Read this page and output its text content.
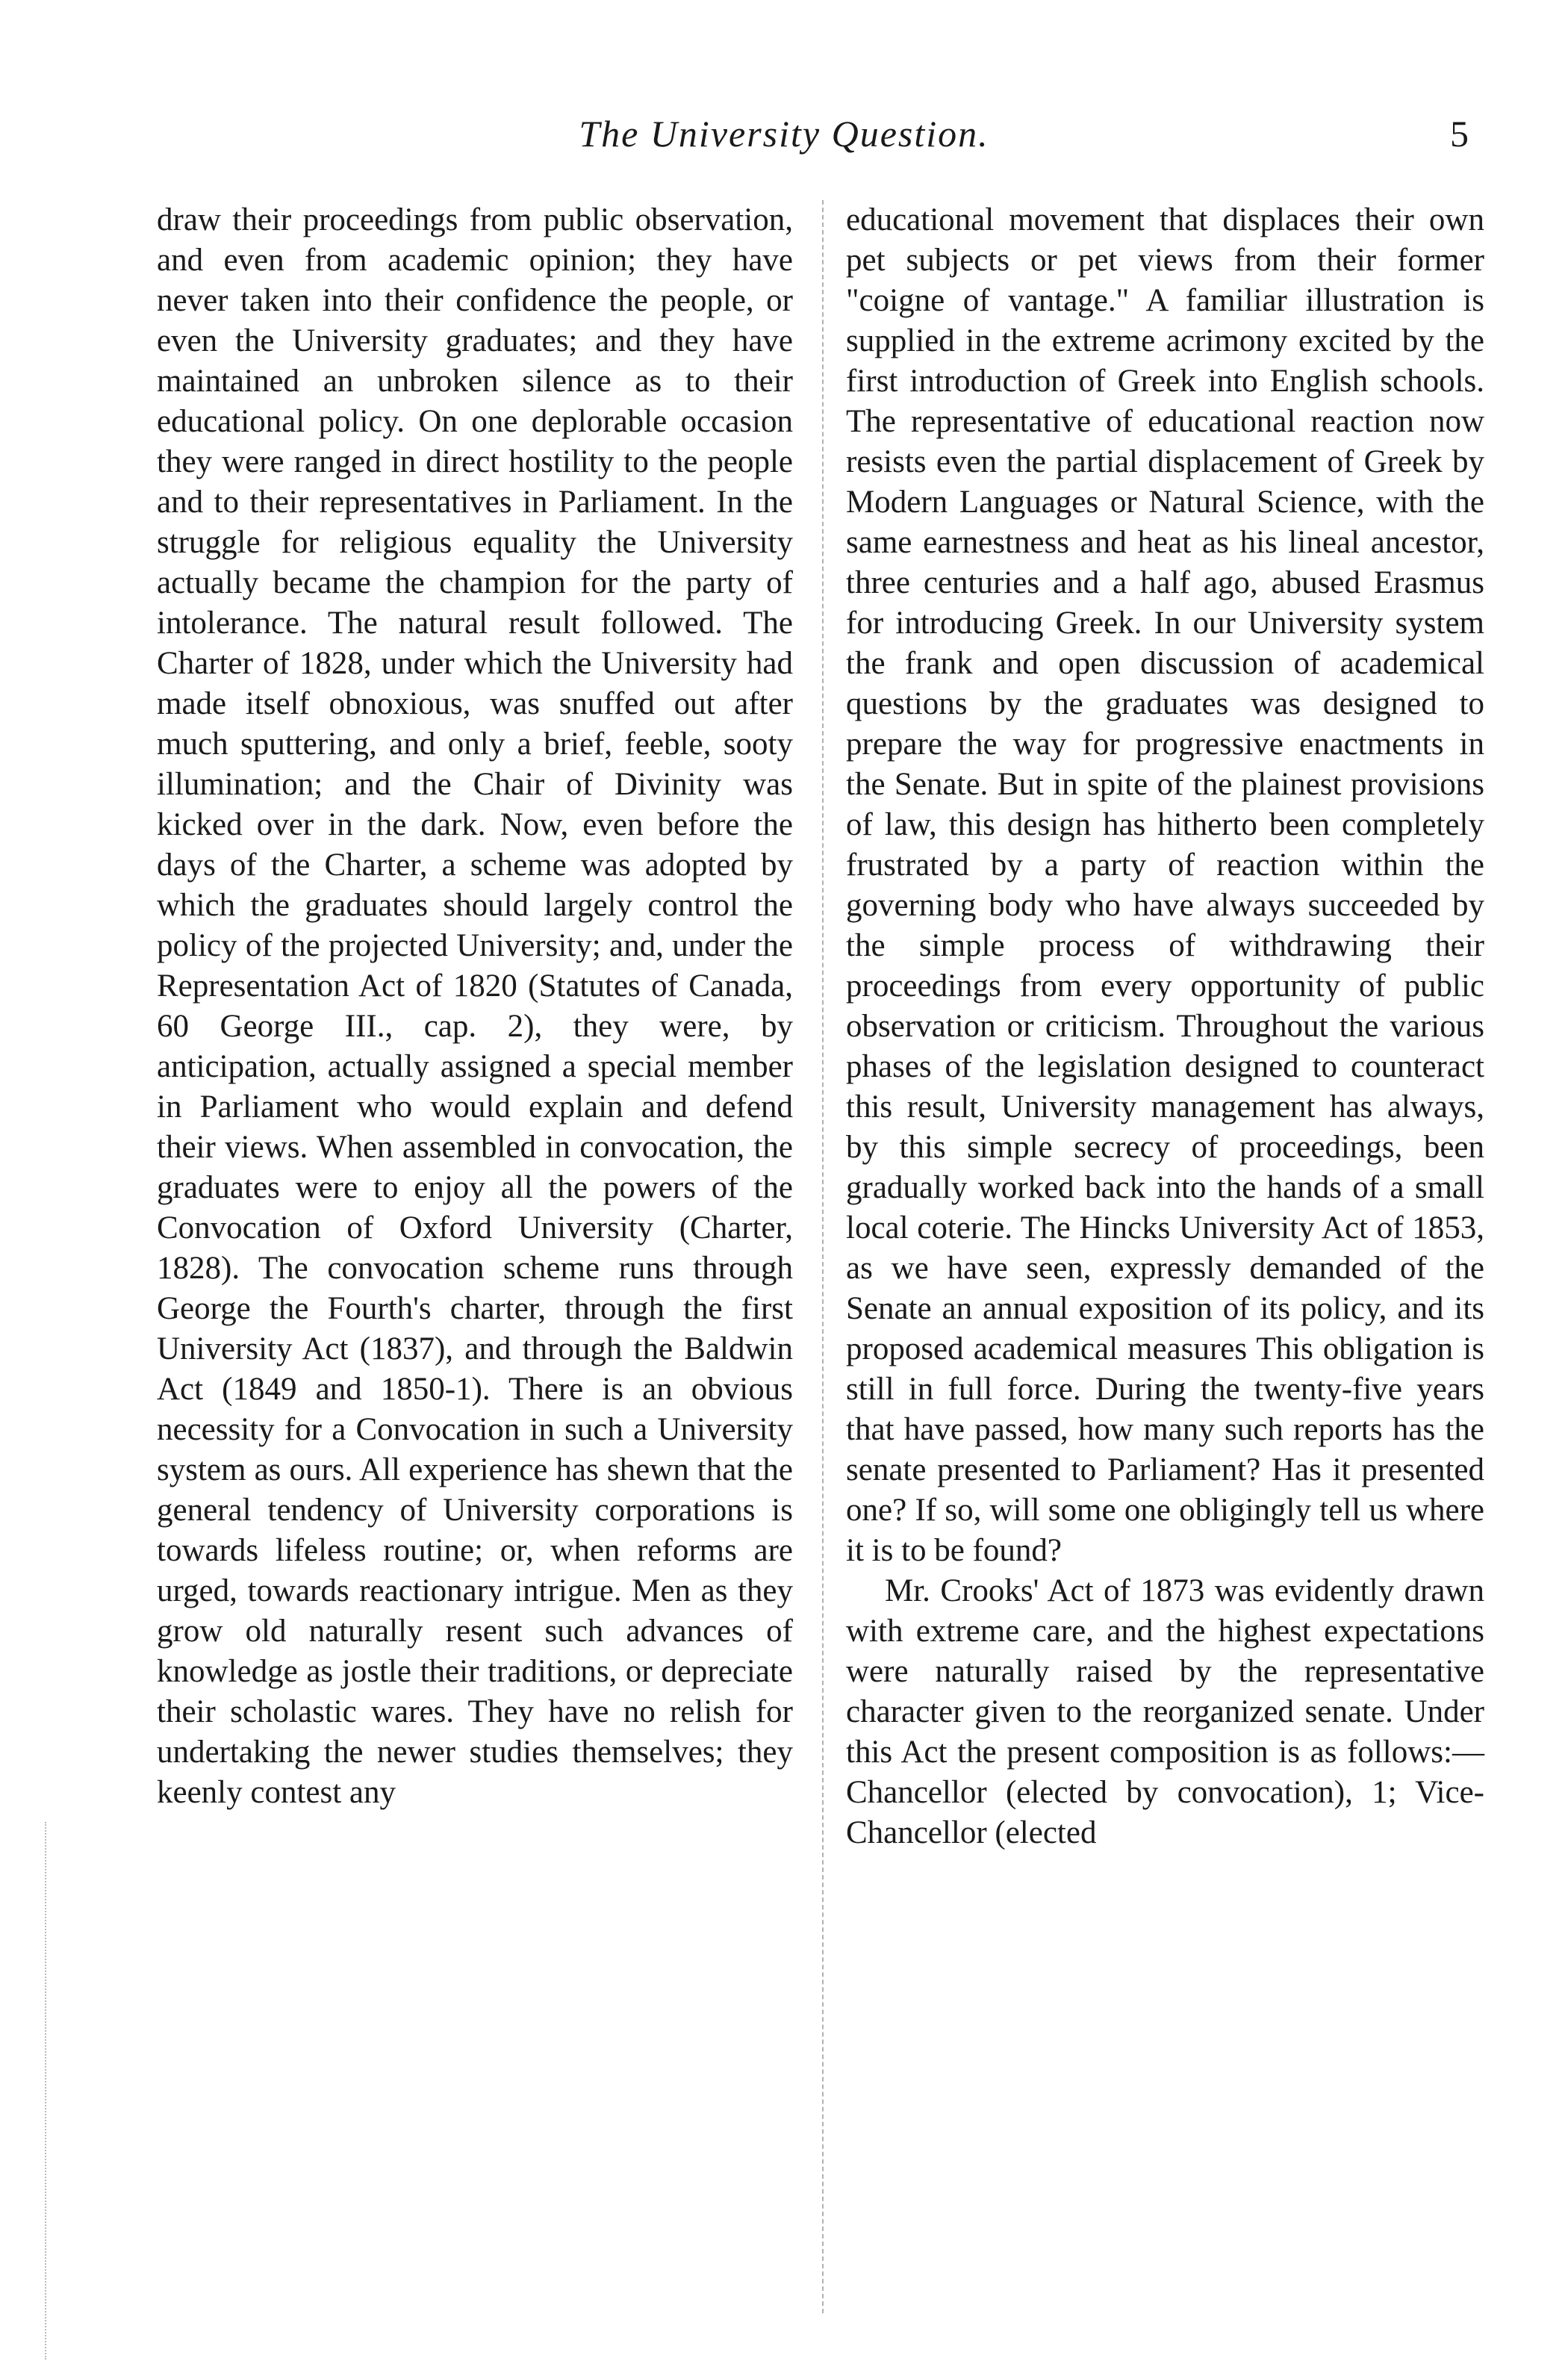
The University Question.	5

draw their proceedings from public observation, and even from academic opinion; they have never taken into their confidence the people, or even the University graduates; and they have maintained an unbroken silence as to their educational policy. On one deplorable occasion they were ranged in direct hostility to the people and to their representatives in Parliament. In the struggle for religious equality the University actually became the champion for the party of intolerance. The natural result followed. The Charter of 1828, under which the University had made itself obnoxious, was snuffed out after much sputtering, and only a brief, feeble, sooty illumination; and the Chair of Divinity was kicked over in the dark. Now, even before the days of the Charter, a scheme was adopted by which the graduates should largely control the policy of the projected University; and, under the Representation Act of 1820 (Statutes of Canada, 60 George III., cap. 2), they were, by anticipation, actually assigned a special member in Parliament who would explain and defend their views. When assembled in convocation, the graduates were to enjoy all the powers of the Convocation of Oxford University (Charter, 1828). The convocation scheme runs through George the Fourth's charter, through the first University Act (1837), and through the Baldwin Act (1849 and 1850-1). There is an obvious necessity for a Convocation in such a University system as ours. All experience has shewn that the general tendency of University corporations is towards lifeless routine; or, when reforms are urged, towards reactionary intrigue. Men as they grow old naturally resent such advances of knowledge as jostle their traditions, or depreciate their scholastic wares. They have no relish for undertaking the newer studies themselves; they keenly contest any

educational movement that displaces their own pet subjects or pet views from their former "coigne of vantage." A familiar illustration is supplied in the extreme acrimony excited by the first introduction of Greek into English schools. The representative of educational reaction now resists even the partial displacement of Greek by Modern Languages or Natural Science, with the same earnestness and heat as his lineal ancestor, three centuries and a half ago, abused Erasmus for introducing Greek. In our University system the frank and open discussion of academical questions by the graduates was designed to prepare the way for progressive enactments in the Senate. But in spite of the plainest provisions of law, this design has hitherto been completely frustrated by a party of reaction within the governing body who have always succeeded by the simple process of withdrawing their proceedings from every opportunity of public observation or criticism. Throughout the various phases of the legislation designed to counteract this result, University management has always, by this simple secrecy of proceedings, been gradually worked back into the hands of a small local coterie. The Hincks University Act of 1853, as we have seen, expressly demanded of the Senate an annual exposition of its policy, and its proposed academical measures This obligation is still in full force. During the twenty-five years that have passed, how many such reports has the senate presented to Parliament? Has it presented one? If so, will some one obligingly tell us where it is to be found?

Mr. Crooks' Act of 1873 was evidently drawn with extreme care, and the highest expectations were naturally raised by the representative character given to the reorganized senate. Under this Act the present composition is as follows:—Chancellor (elected by convocation), 1; Vice-Chancellor (elected
